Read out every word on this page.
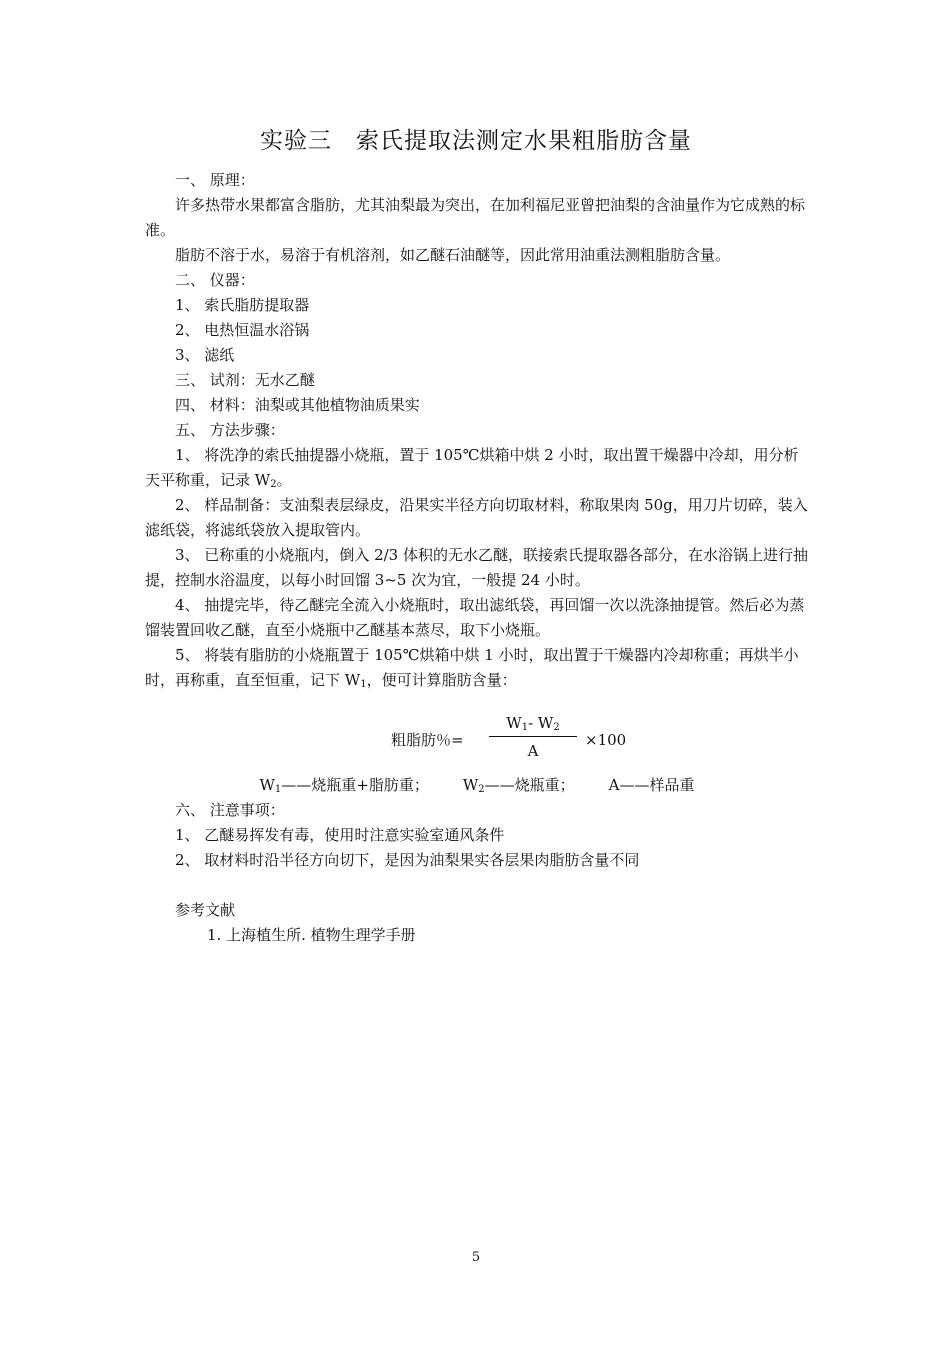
实验三　索氏提取法测定水果粗脂肪含量

一、 原理：

许多热带水果都富含脂肪，尤其油梨最为突出，在加利福尼亚曾把油梨的含油量作为它成熟的标准。

脂肪不溶于水，易溶于有机溶剂，如乙醚石油醚等，因此常用油重法测粗脂肪含量。

二、 仪器：

1、 索氏脂肪提取器

2、 电热恒温水浴锅

3、 滤纸

三、 试剂：无水乙醚

四、 材料：油梨或其他植物油质果实

五、 方法步骤：

1、 将洗净的索氏抽提器小烧瓶，置于 105℃烘箱中烘 2 小时，取出置干燥器中冷却，用分析天平称重，记录 $W_2$。

2、 样品制备：支油梨表层绿皮，沿果实半径方向切取材料，称取果肉 50g，用刀片切碎，装入滤纸袋，将滤纸袋放入提取管内。

3、 已称重的小烧瓶内，倒入 2/3 体积的无水乙醚，联接索氏提取器各部分，在水浴锅上进行抽提，控制水浴温度，以每小时回馏 3~5 次为宜，一般提 24 小时。

4、 抽提完毕，待乙醚完全流入小烧瓶时，取出滤纸袋，再回馏一次以洗涤抽提管。然后必为蒸馏装置回收乙醚，直至小烧瓶中乙醚基本蒸尽，取下小烧瓶。

5、 将装有脂肪的小烧瓶置于 105℃烘箱中烘 1 小时，取出置于干燥器内冷却称重；再烘半小时，再称重，直至恒重，记下 $W_1$，便可计算脂肪含量：

粗脂肪％=
$W_1-$ $W_2$
A
×100

$W_1——$烧瓶重+脂肪重； $W_2——$烧瓶重； A——样品重

六、 注意事项：

1、 乙醚易挥发有毒，使用时注意实验室通风条件

2、 取材料时沿半径方向切下，是因为油梨果实各层果肉脂肪含量不同

参考文献

1. 上海植生所. 植物生理学手册

5
